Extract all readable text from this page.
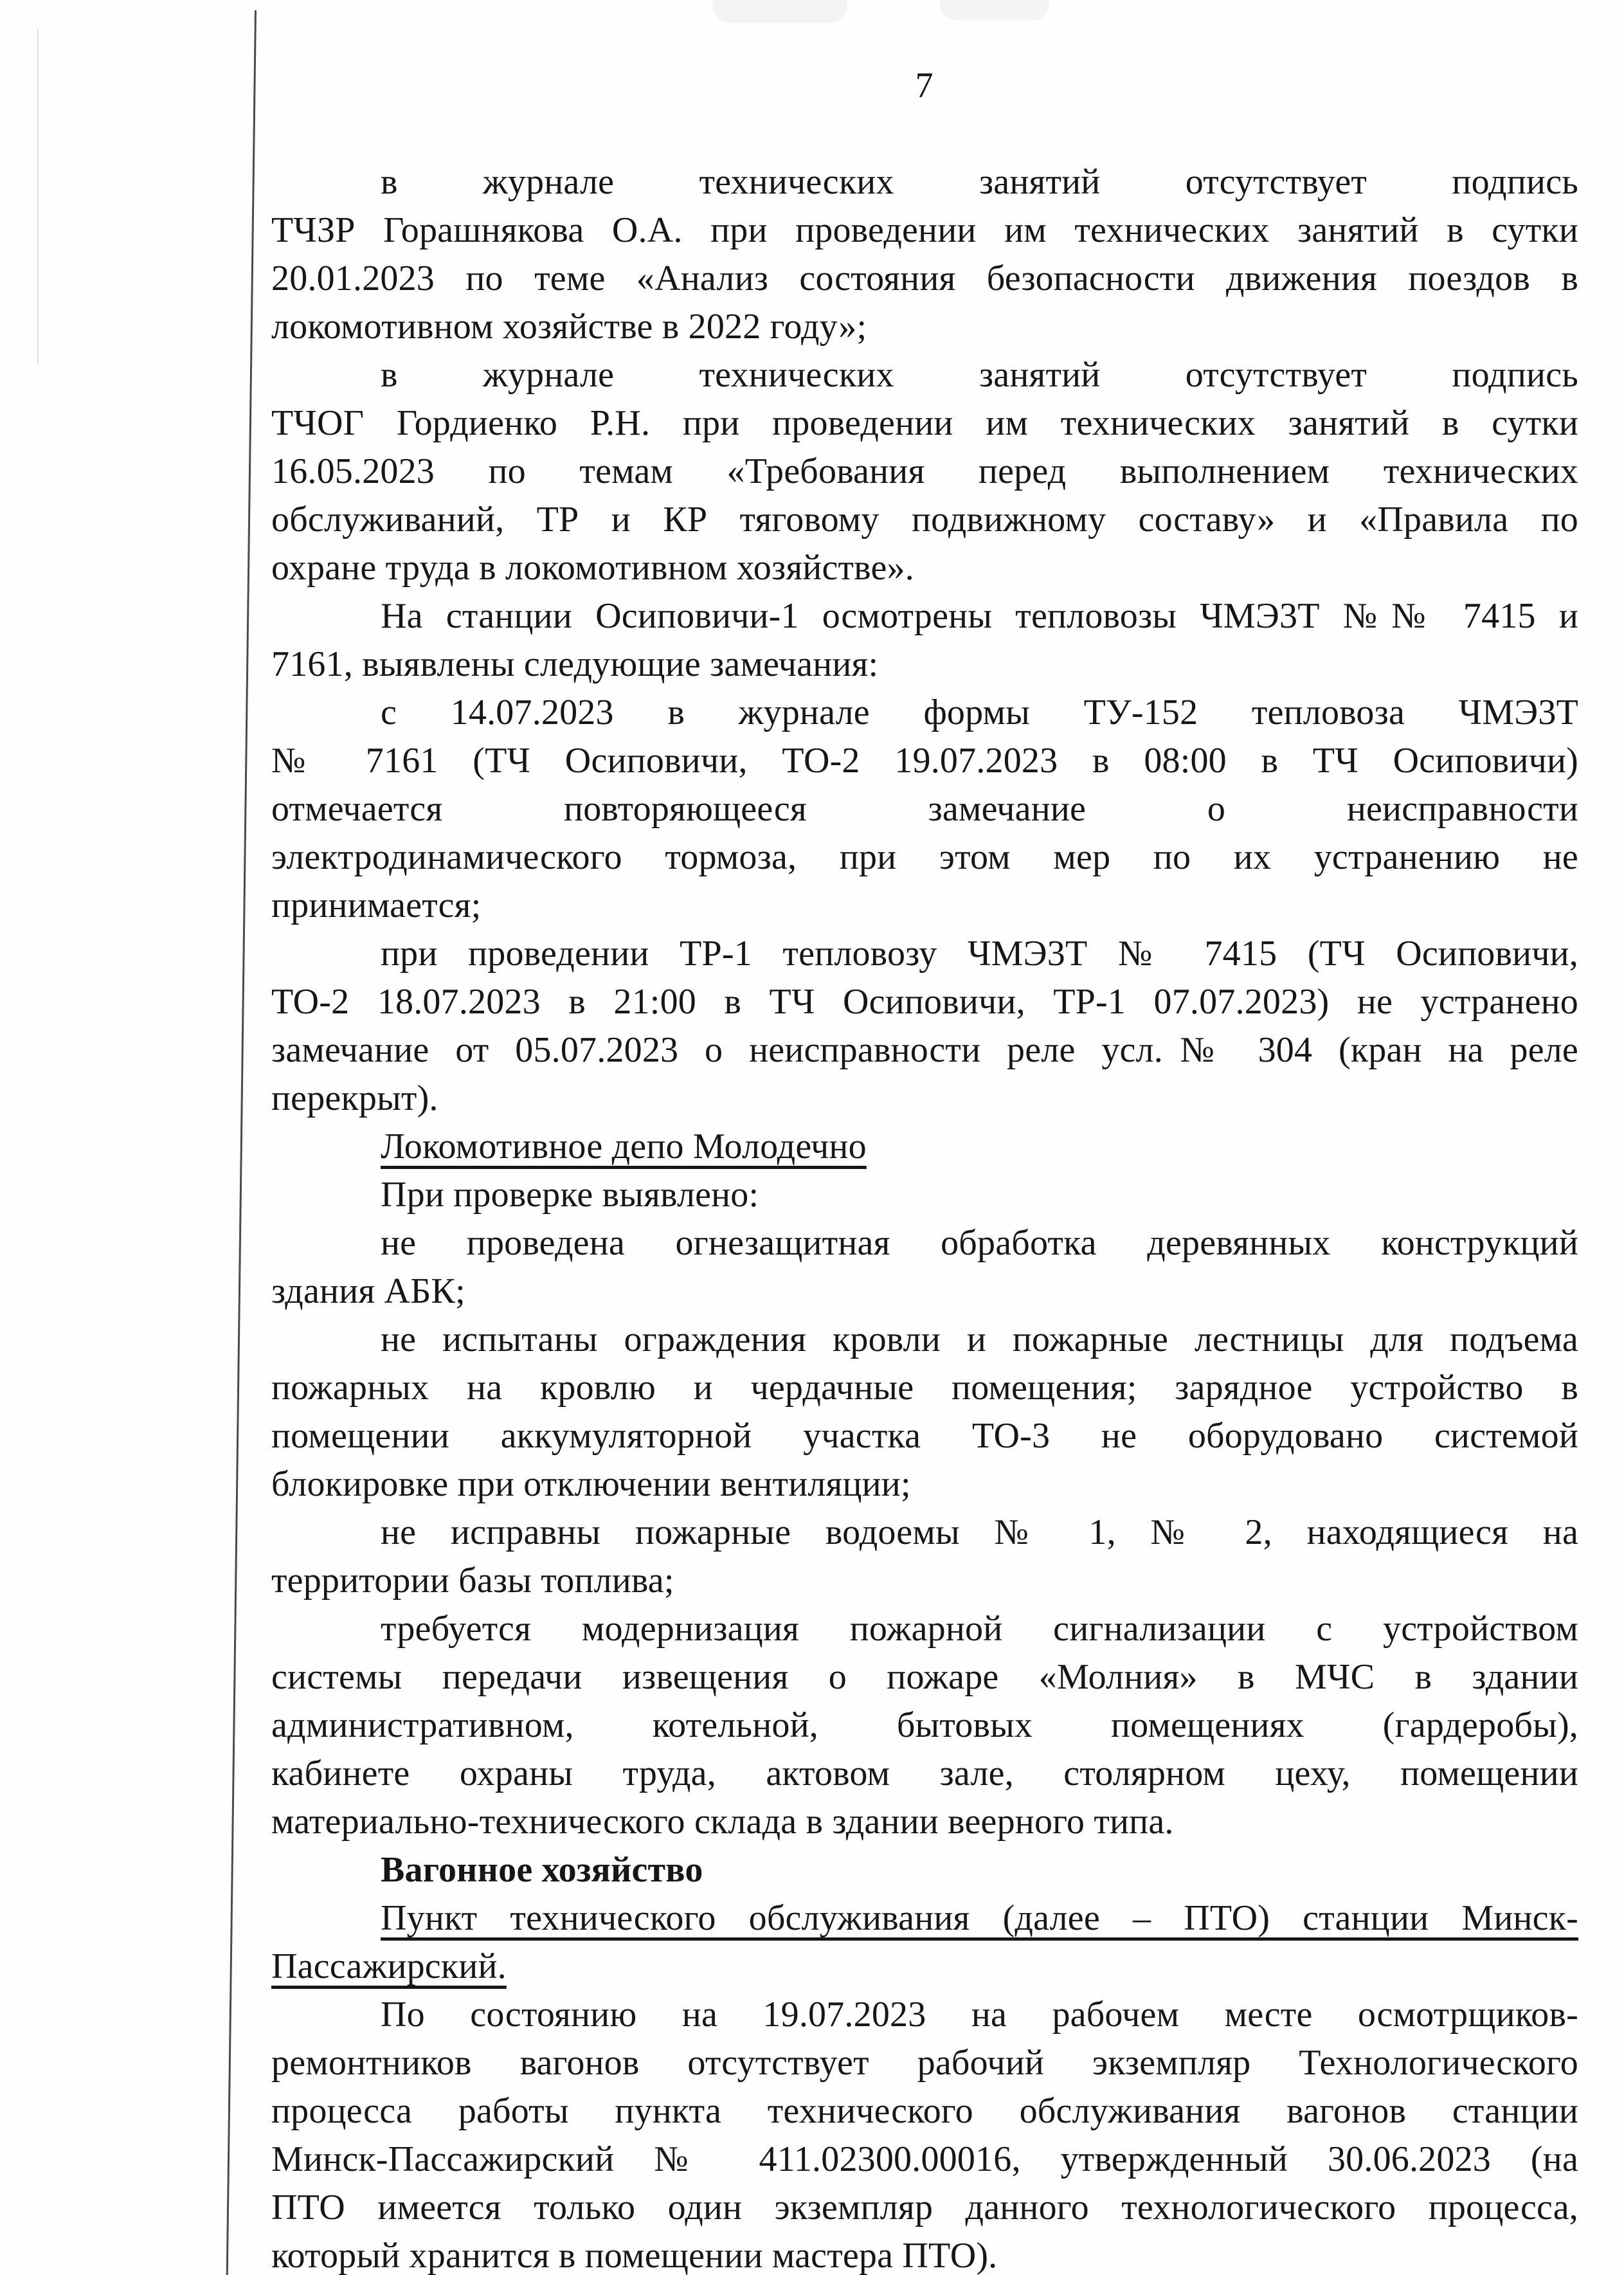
7

в журнале технических занятий отсутствует подпись
ТЧЗР Горашнякова О.А. при проведении им технических занятий в сутки
20.01.2023 по теме «Анализ состояния безопасности движения поездов в
локомотивном хозяйстве в 2022 году»;

в журнале технических занятий отсутствует подпись
ТЧОГ Гордиенко Р.Н. при проведении им технических занятий в сутки
16.05.2023 по темам «Требования перед выполнением технических
обслуживаний, ТР и КР тяговому подвижному составу» и «Правила по
охране труда в локомотивном хозяйстве».

На станции Осиповичи-1 осмотрены тепловозы ЧМЭ3Т №№ 7415 и
7161, выявлены следующие замечания:

с 14.07.2023 в журнале формы ТУ-152 тепловоза ЧМЭ3Т
№ 7161 (ТЧ Осиповичи, ТО-2 19.07.2023 в 08:00 в ТЧ Осиповичи)
отмечается повторяющееся замечание о неисправности
электродинамического тормоза, при этом мер по их устранению не
принимается;

при проведении ТР-1 тепловозу ЧМЭ3Т № 7415 (ТЧ Осиповичи,
ТО-2 18.07.2023 в 21:00 в ТЧ Осиповичи, ТР-1 07.07.2023) не устранено
замечание от 05.07.2023 о неисправности реле усл.№ 304 (кран на реле
перекрыт).

Локомотивное депо Молодечно

При проверке выявлено:

не проведена огнезащитная обработка деревянных конструкций
здания АБК;

не испытаны ограждения кровли и пожарные лестницы для подъема
пожарных на кровлю и чердачные помещения; зарядное устройство в
помещении аккумуляторной участка ТО-3 не оборудовано системой
блокировке при отключении вентиляции;

не исправны пожарные водоемы № 1, № 2, находящиеся на
территории базы топлива;

требуется модернизация пожарной сигнализации с устройством
системы передачи извещения о пожаре «Молния» в МЧС в здании
административном, котельной, бытовых помещениях (гардеробы),
кабинете охраны труда, актовом зале, столярном цеху, помещении
материально-технического склада в здании веерного типа.

Вагонное хозяйство

Пункт технического обслуживания (далее – ПТО) станции Минск-
Пассажирский.

По состоянию на 19.07.2023 на рабочем месте осмотрщиков-
ремонтников вагонов отсутствует рабочий экземпляр Технологического
процесса работы пункта технического обслуживания вагонов станции
Минск-Пассажирский № 411.02300.00016, утвержденный 30.06.2023 (на
ПТО имеется только один экземпляр данного технологического процесса,
который хранится в помещении мастера ПТО).
